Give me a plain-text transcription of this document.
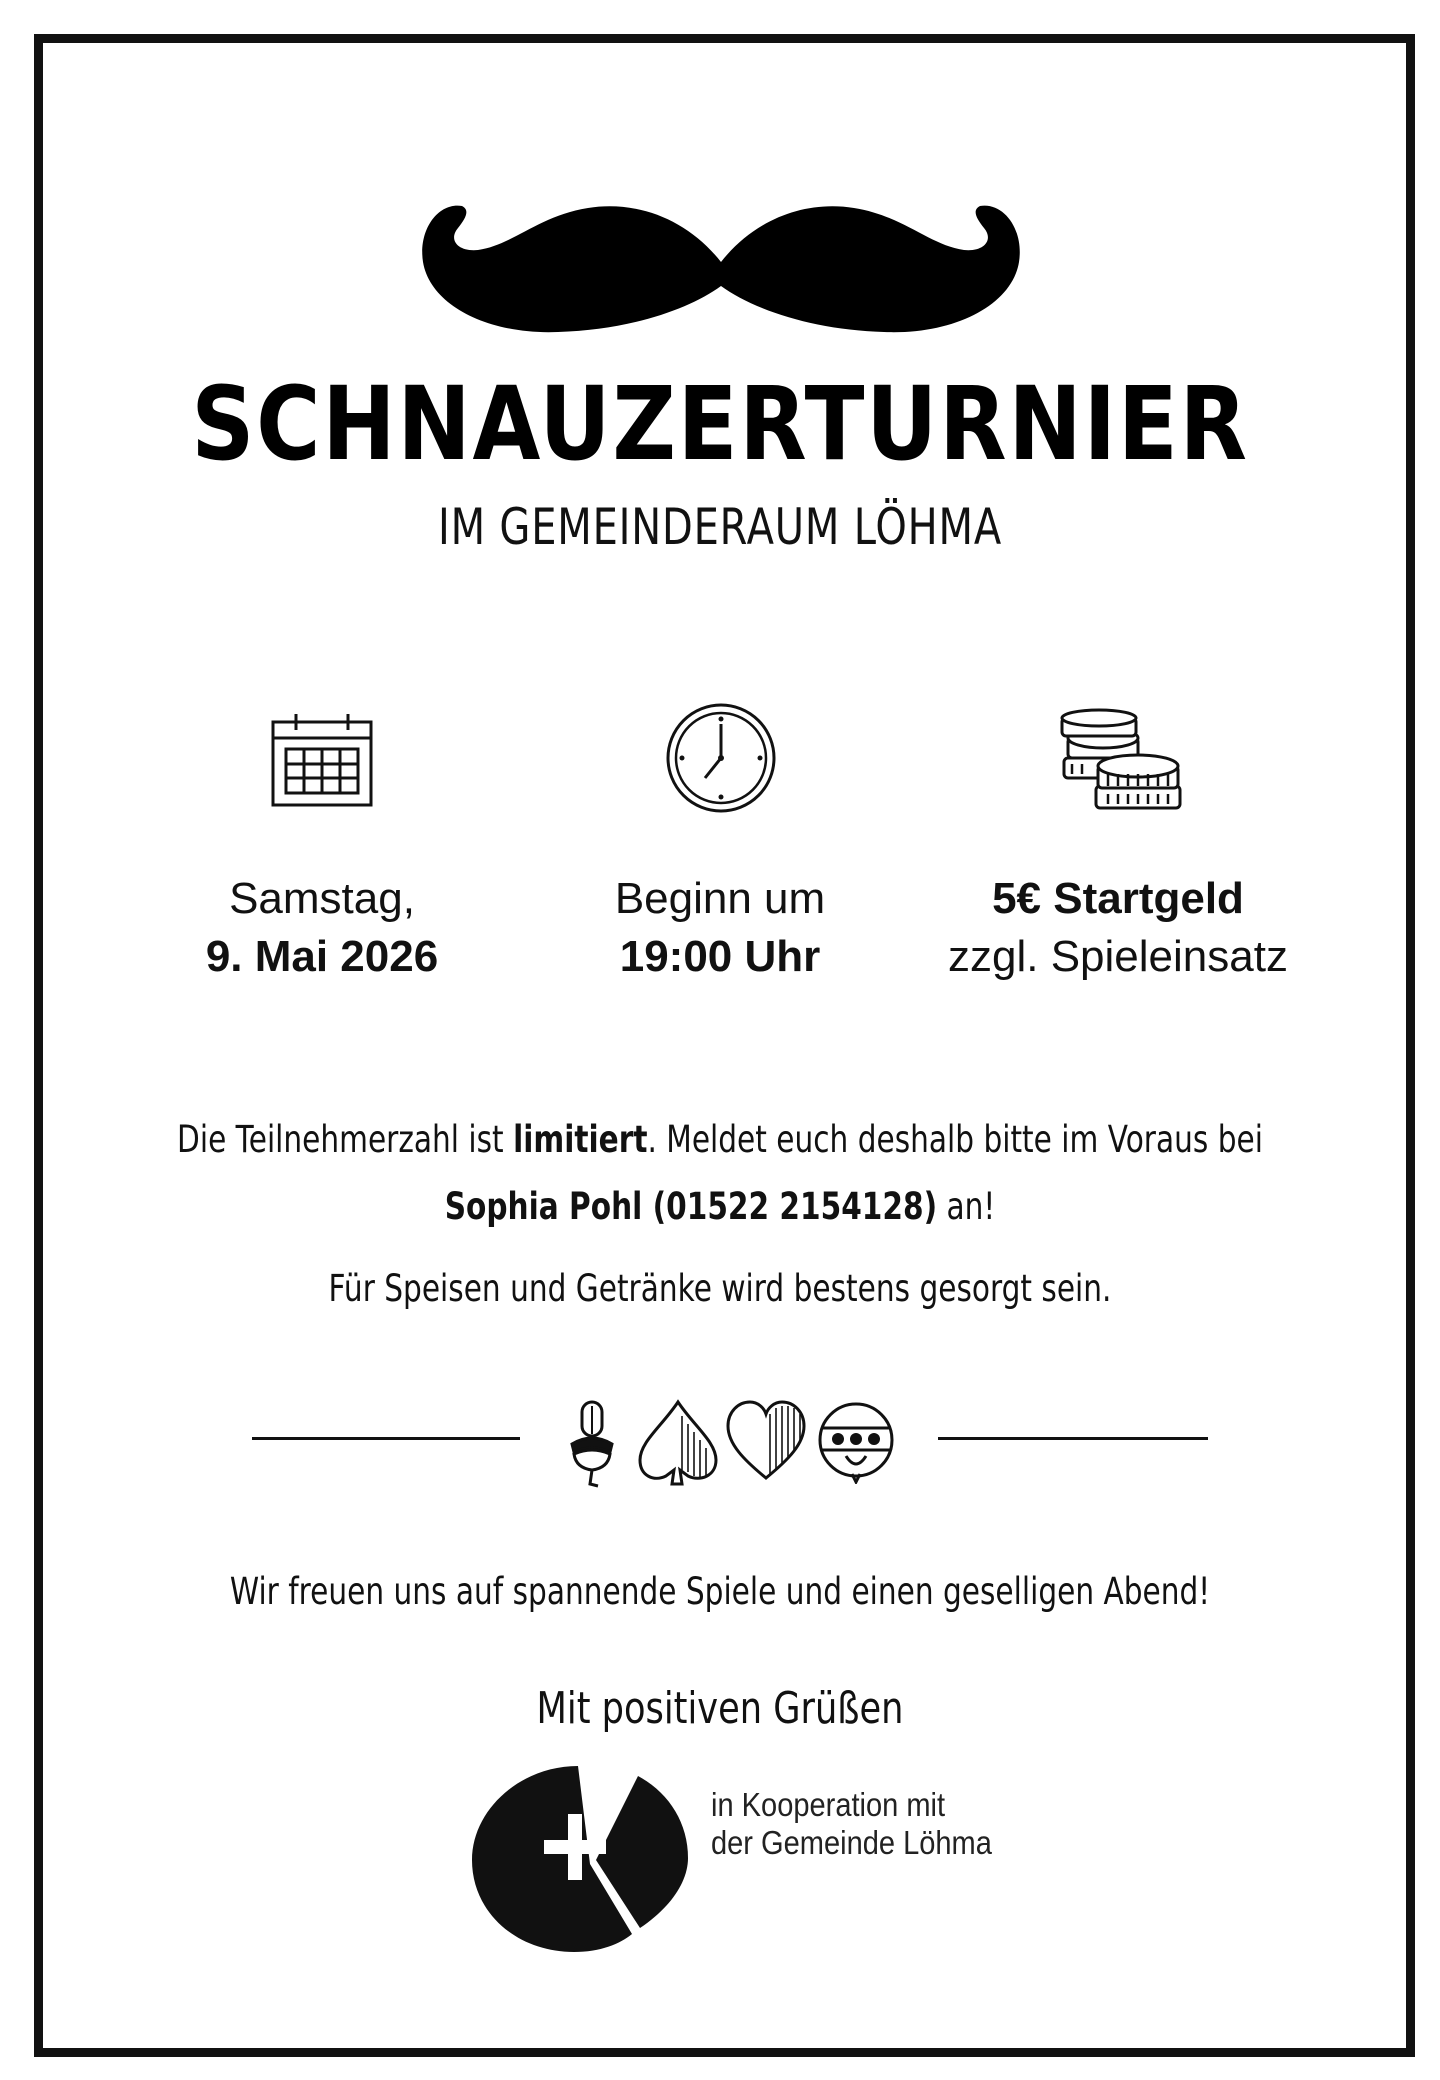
SCHNAUZERTURNIER
IM GEMEINDERAUM LÖHMA
Samstag,
9. Mai 2026
Beginn um
19:00 Uhr
5€ Startgeld
zzgl. Spieleinsatz
Die Teilnehmerzahl ist limitiert. Meldet euch deshalb bitte im Voraus bei
Sophia Pohl (01522 2154128) an!
Für Speisen und Getränke wird bestens gesorgt sein.
Wir freuen uns auf spannende Spiele und einen geselligen Abend!
Mit positiven Grüßen
in Kooperation mit
der Gemeinde Löhma
